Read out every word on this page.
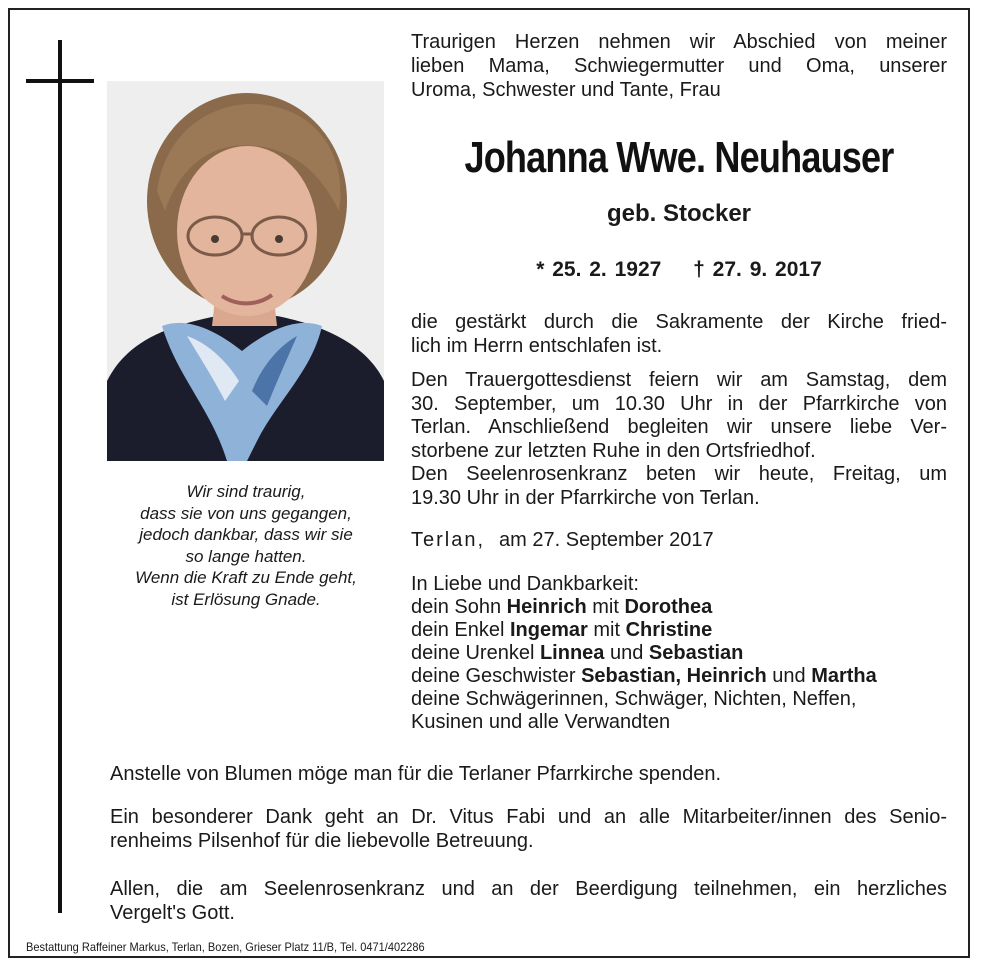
Wir sind traurig,
dass sie von uns gegangen,
jedoch dankbar, dass wir sie
so lange hatten.
Wenn die Kraft zu Ende geht,
ist Erlösung Gnade.
Traurigen Herzen nehmen wir Abschied von meiner
lieben Mama, Schwiegermutter und Oma, unserer
Uroma, Schwester und Tante, Frau
Johanna Wwe. Neuhauser
geb. Stocker
* 25. 2. 1927 † 27. 9. 2017
die gestärkt durch die Sakramente der Kirche fried-
lich im Herrn entschlafen ist.
Den Trauergottesdienst feiern wir am Samstag, dem
30. September, um 10.30 Uhr in der Pfarrkirche von
Terlan. Anschließend begleiten wir unsere liebe Ver-
storbene zur letzten Ruhe in den Ortsfriedhof.
Den Seelenrosenkranz beten wir heute, Freitag, um
19.30 Uhr in der Pfarrkirche von Terlan.
Terlan, am 27. September 2017
In Liebe und Dankbarkeit:
dein Sohn Heinrich mit Dorothea
dein Enkel Ingemar mit Christine
deine Urenkel Linnea und Sebastian
deine Geschwister Sebastian, Heinrich und Martha
deine Schwägerinnen, Schwäger, Nichten, Neffen,
Kusinen und alle Verwandten
Anstelle von Blumen möge man für die Terlaner Pfarrkirche spenden.
Ein besonderer Dank geht an Dr. Vitus Fabi und an alle Mitarbeiter/innen des Senio-
renheims Pilsenhof für die liebevolle Betreuung.
Allen, die am Seelenrosenkranz und an der Beerdigung teilnehmen, ein herzliches
Vergelt's Gott.
Bestattung Raffeiner Markus, Terlan, Bozen, Grieser Platz 11/B, Tel. 0471/402286
